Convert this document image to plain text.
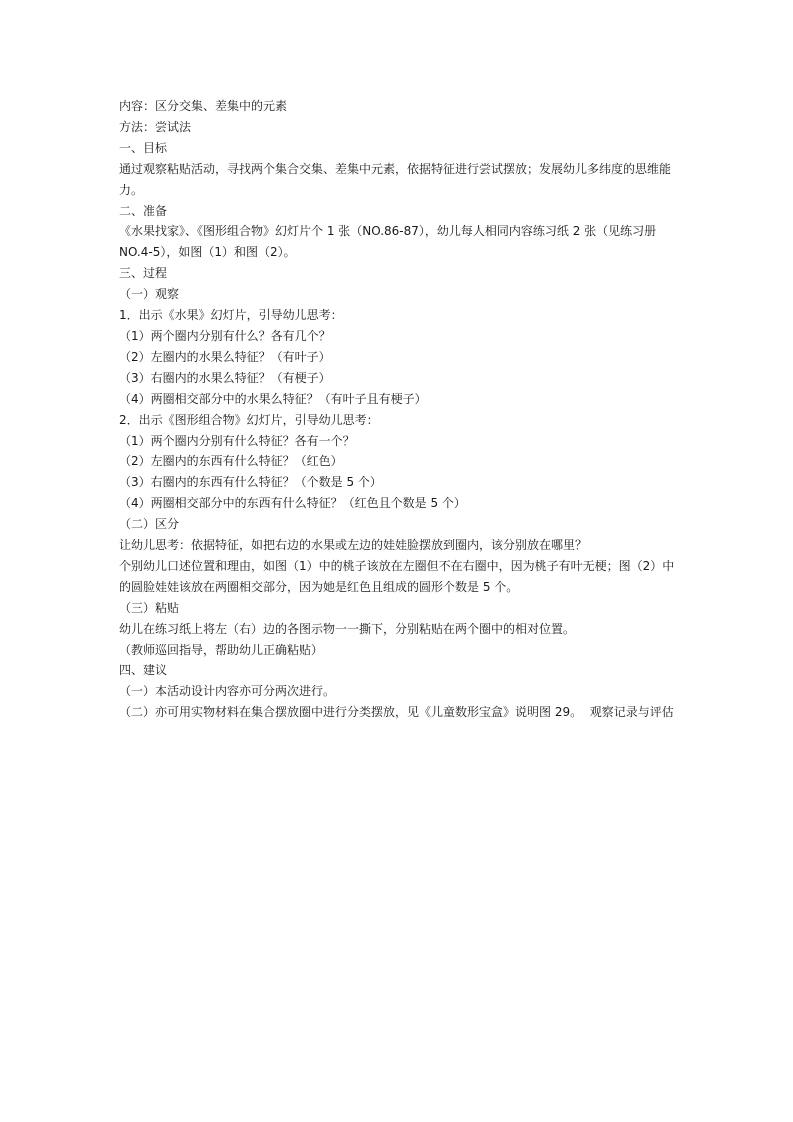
内容：区分交集、差集中的元素

方法：尝试法

一、目标

通过观察粘贴活动，寻找两个集合交集、差集中元素，依据特征进行尝试摆放；发展幼儿多纬度的思维能

力。

二、准备

《水果找家》、《图形组合物》幻灯片个 1 张（NO.86-87），幼儿每人相同内容练习纸 2 张（见练习册

NO.4-5），如图（1）和图（2）。

三、过程

（一）观察

1．出示《水果》幻灯片，引导幼儿思考：

（1）两个圈内分别有什么？各有几个？

（2）左圈内的水果么特征？（有叶子）

（3）右圈内的水果么特征？（有梗子）

（4）两圈相交部分中的水果么特征？（有叶子且有梗子）

2．出示《图形组合物》幻灯片，引导幼儿思考：

（1）两个圈内分别有什么特征？各有一个？

（2）左圈内的东西有什么特征？（红色）

（3）右圈内的东西有什么特征？（个数是 5 个）

（4）两圈相交部分中的东西有什么特征？（红色且个数是 5 个）

（二）区分

让幼儿思考：依据特征，如把右边的水果或左边的娃娃脸摆放到圈内，该分别放在哪里？

个别幼儿口述位置和理由，如图（1）中的桃子该放在左圈但不在右圈中，因为桃子有叶无梗；图（2）中

的圆脸娃娃该放在两圈相交部分，因为她是红色且组成的圆形个数是 5 个。

（三）粘贴

幼儿在练习纸上将左（右）边的各图示物一一撕下，分别粘贴在两个圈中的相对位置。

（教师巡回指导，帮助幼儿正确粘贴）

四、建议

（一）本活动设计内容亦可分两次进行。

（二）亦可用实物材料在集合摆放圈中进行分类摆放，见《儿童数形宝盒》说明图 29。  观察记录与评估
